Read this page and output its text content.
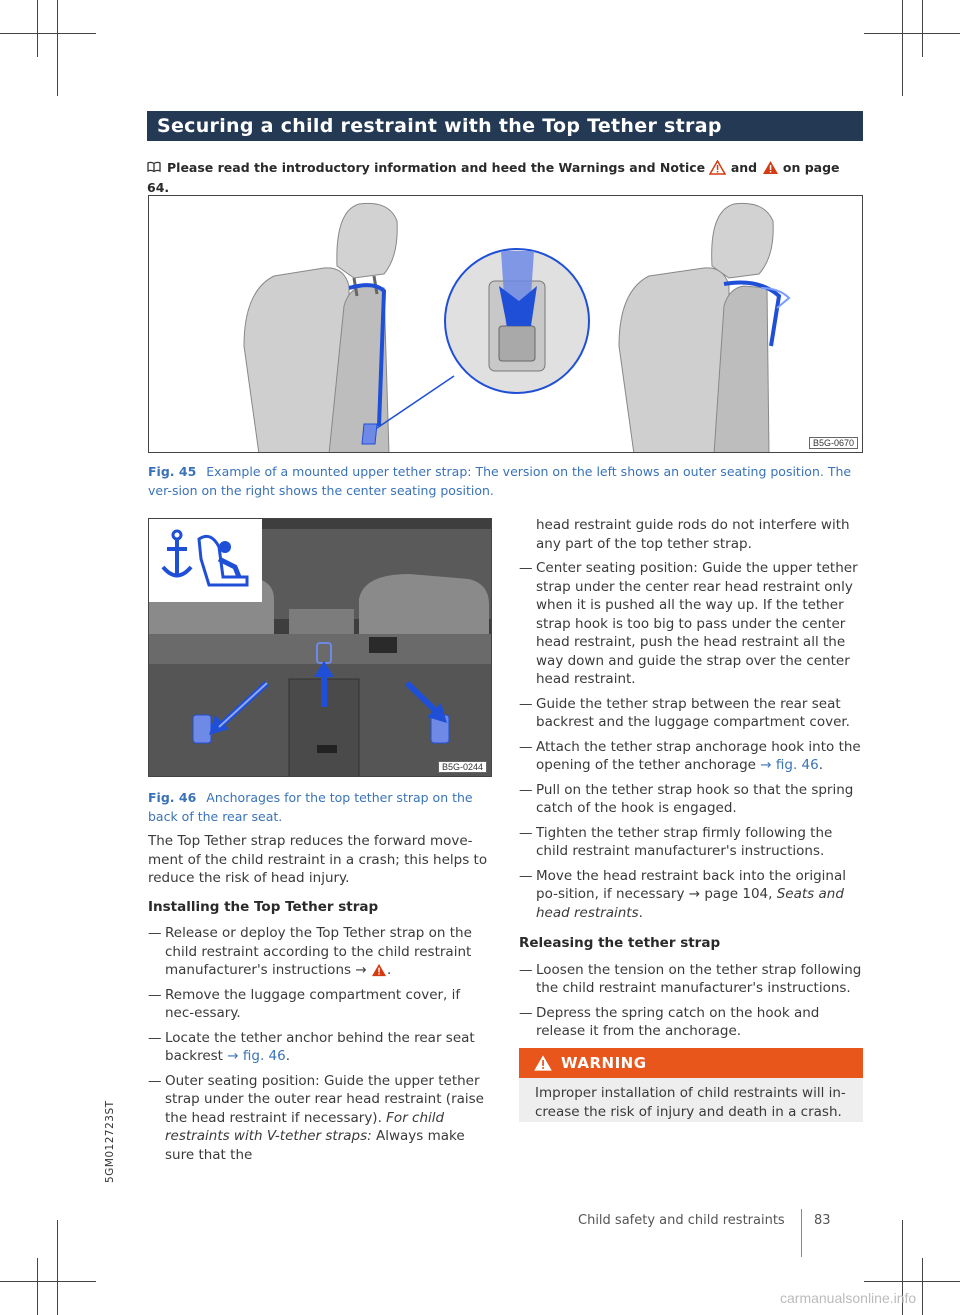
Securing a child restraint with the Top Tether strap
Please read the introductory information and heed the Warnings and Notice and on page 64.
B5G-0670
Fig. 45 Example of a mounted upper tether strap: The version on the left shows an outer seating position. The ver-sion on the right shows the center seating position.
B5G-0244
Fig. 46 Anchorages for the top tether strap on the back of the rear seat.
The Top Tether strap reduces the forward move-ment of the child restraint in a crash; this helps to reduce the risk of head injury.
Installing the Top Tether strap
— Release or deploy the Top Tether strap on the child restraint according to the child restraint manufacturer's instructions → .
— Remove the luggage compartment cover, if nec-essary.
— Locate the tether anchor behind the rear seat backrest → fig. 46.
— Outer seating position: Guide the upper tether strap under the outer rear head restraint (raise the head restraint if necessary). For child restraints with V-tether straps: Always make sure that the
head restraint guide rods do not interfere with any part of the top tether strap.
— Center seating position: Guide the upper tether strap under the center rear head restraint only when it is pushed all the way up. If the tether strap hook is too big to pass under the center head restraint, push the head restraint all the way down and guide the strap over the center head restraint.
— Guide the tether strap between the rear seat backrest and the luggage compartment cover.
— Attach the tether strap anchorage hook into the opening of the tether anchorage → fig. 46.
— Pull on the tether strap hook so that the spring catch of the hook is engaged.
— Tighten the tether strap firmly following the child restraint manufacturer's instructions.
— Move the head restraint back into the original po-sition, if necessary → page 104, Seats and head restraints.
Releasing the tether strap
— Loosen the tension on the tether strap following the child restraint manufacturer's instructions.
— Depress the spring catch on the hook and release it from the anchorage.
WARNING
Improper installation of child restraints will in-crease the risk of injury and death in a crash.
Child safety and child restraints 83
5GM012723ST
carmanualsonline.info
